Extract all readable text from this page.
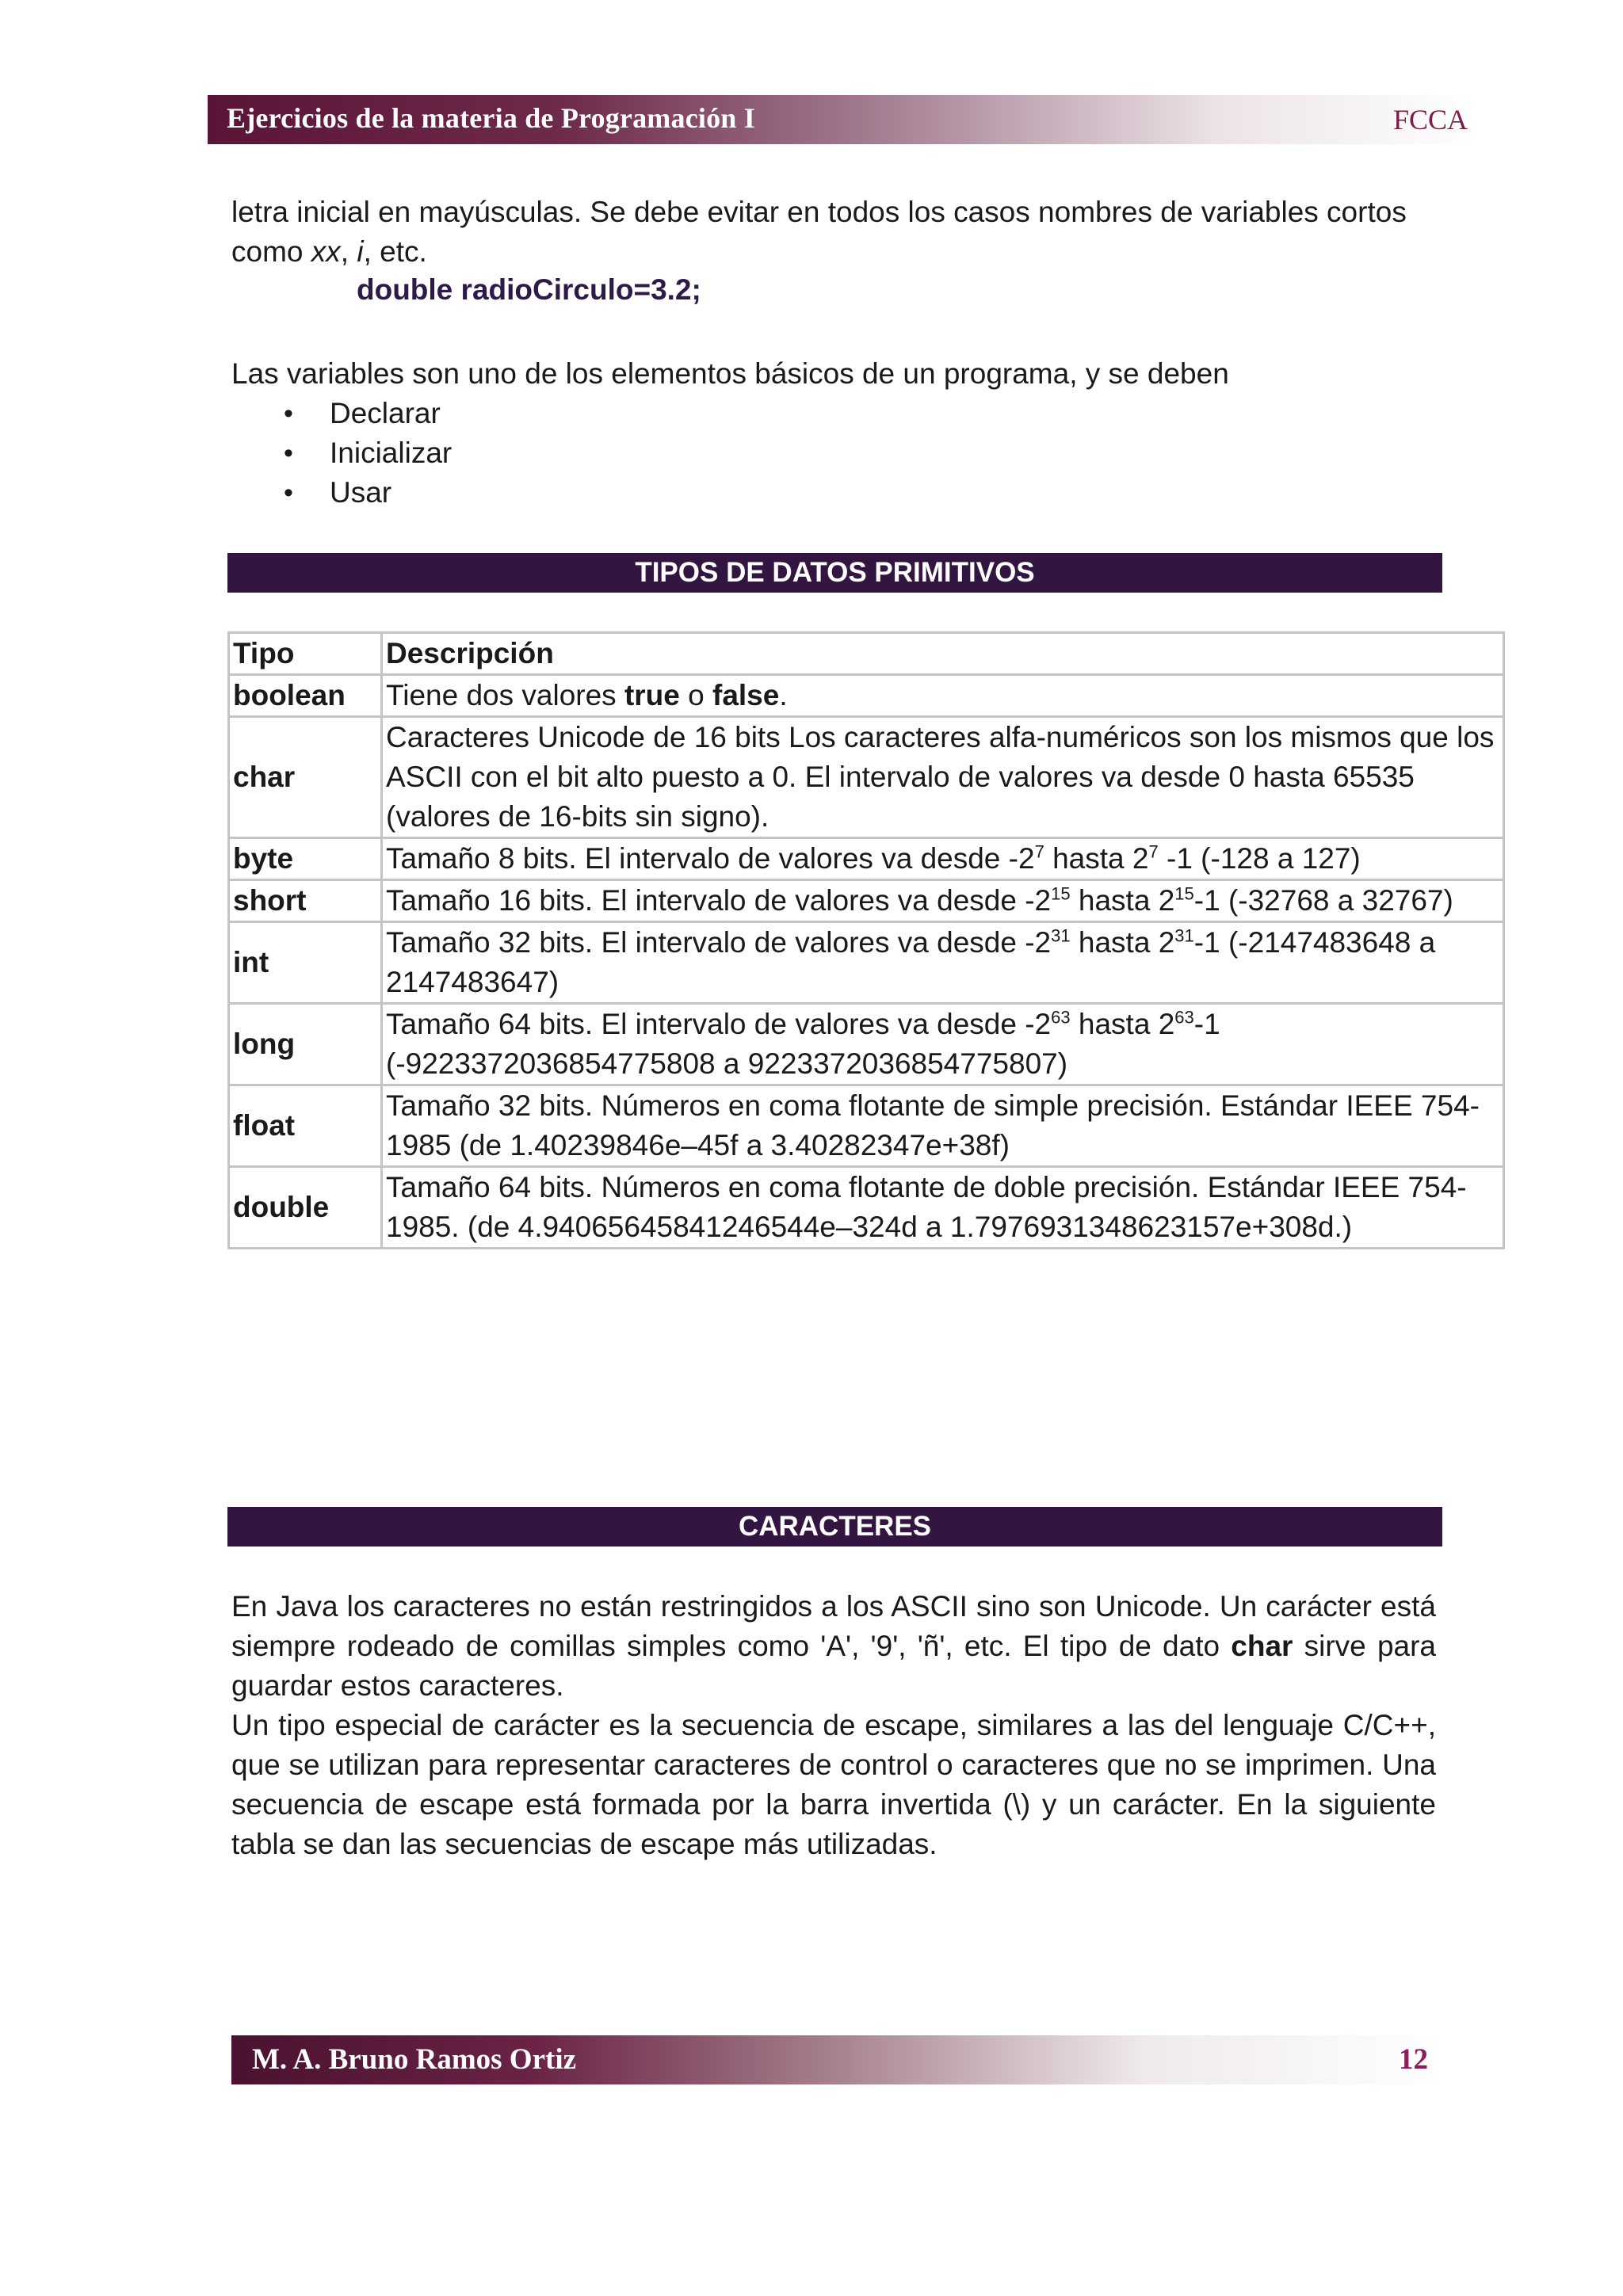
Ejercicios de la materia de Programación I	FCCA
letra inicial en mayúsculas. Se debe evitar en todos los casos nombres de variables cortos
como xx, i, etc.
double radioCirculo=3.2;
Las variables son uno de los elementos básicos de un programa, y se deben
• Declarar
• Inicializar
• Usar
TIPOS DE DATOS PRIMITIVOS
Tipo	Descripción
boolean	Tiene dos valores true o false.
char	Caracteres Unicode de 16 bits Los caracteres alfa-numéricos son los mismos que los ASCII con el bit alto puesto a 0. El intervalo de valores va desde 0 hasta 65535 (valores de 16-bits sin signo).
byte	Tamaño 8 bits. El intervalo de valores va desde $-2^7$ hasta $2^7$ -1 (-128 a 127)
short	Tamaño 16 bits. El intervalo de valores va desde $-2^{15}$ hasta $2^{15}-1$ (-32768 a 32767)
int	Tamaño 32 bits. El intervalo de valores va desde $-2^{31}$ hasta $2^{31}-1$ (-2147483648 a 2147483647)
long	Tamaño 64 bits. El intervalo de valores va desde $-2^{63}$ hasta $2^{63}-1$ (-9223372036854775808 a 9223372036854775807)
float	Tamaño 32 bits. Números en coma flotante de simple precisión. Estándar IEEE 754-1985 (de 1.40239846e–45f a 3.40282347e+38f)
double	Tamaño 64 bits. Números en coma flotante de doble precisión. Estándar IEEE 754-1985. (de 4.94065645841246544e–324d a 1.7976931348623157e+308d.)
CARACTERES
En Java los caracteres no están restringidos a los ASCII sino son Unicode. Un carácter está siempre rodeado de comillas simples como 'A', '9', 'ñ', etc. El tipo de dato char sirve para guardar estos caracteres.
Un tipo especial de carácter es la secuencia de escape, similares a las del lenguaje C/C++, que se utilizan para representar caracteres de control o caracteres que no se imprimen. Una secuencia de escape está formada por la barra invertida (\) y un carácter. En la siguiente tabla se dan las secuencias de escape más utilizadas.
M. A. Bruno Ramos Ortiz	12
